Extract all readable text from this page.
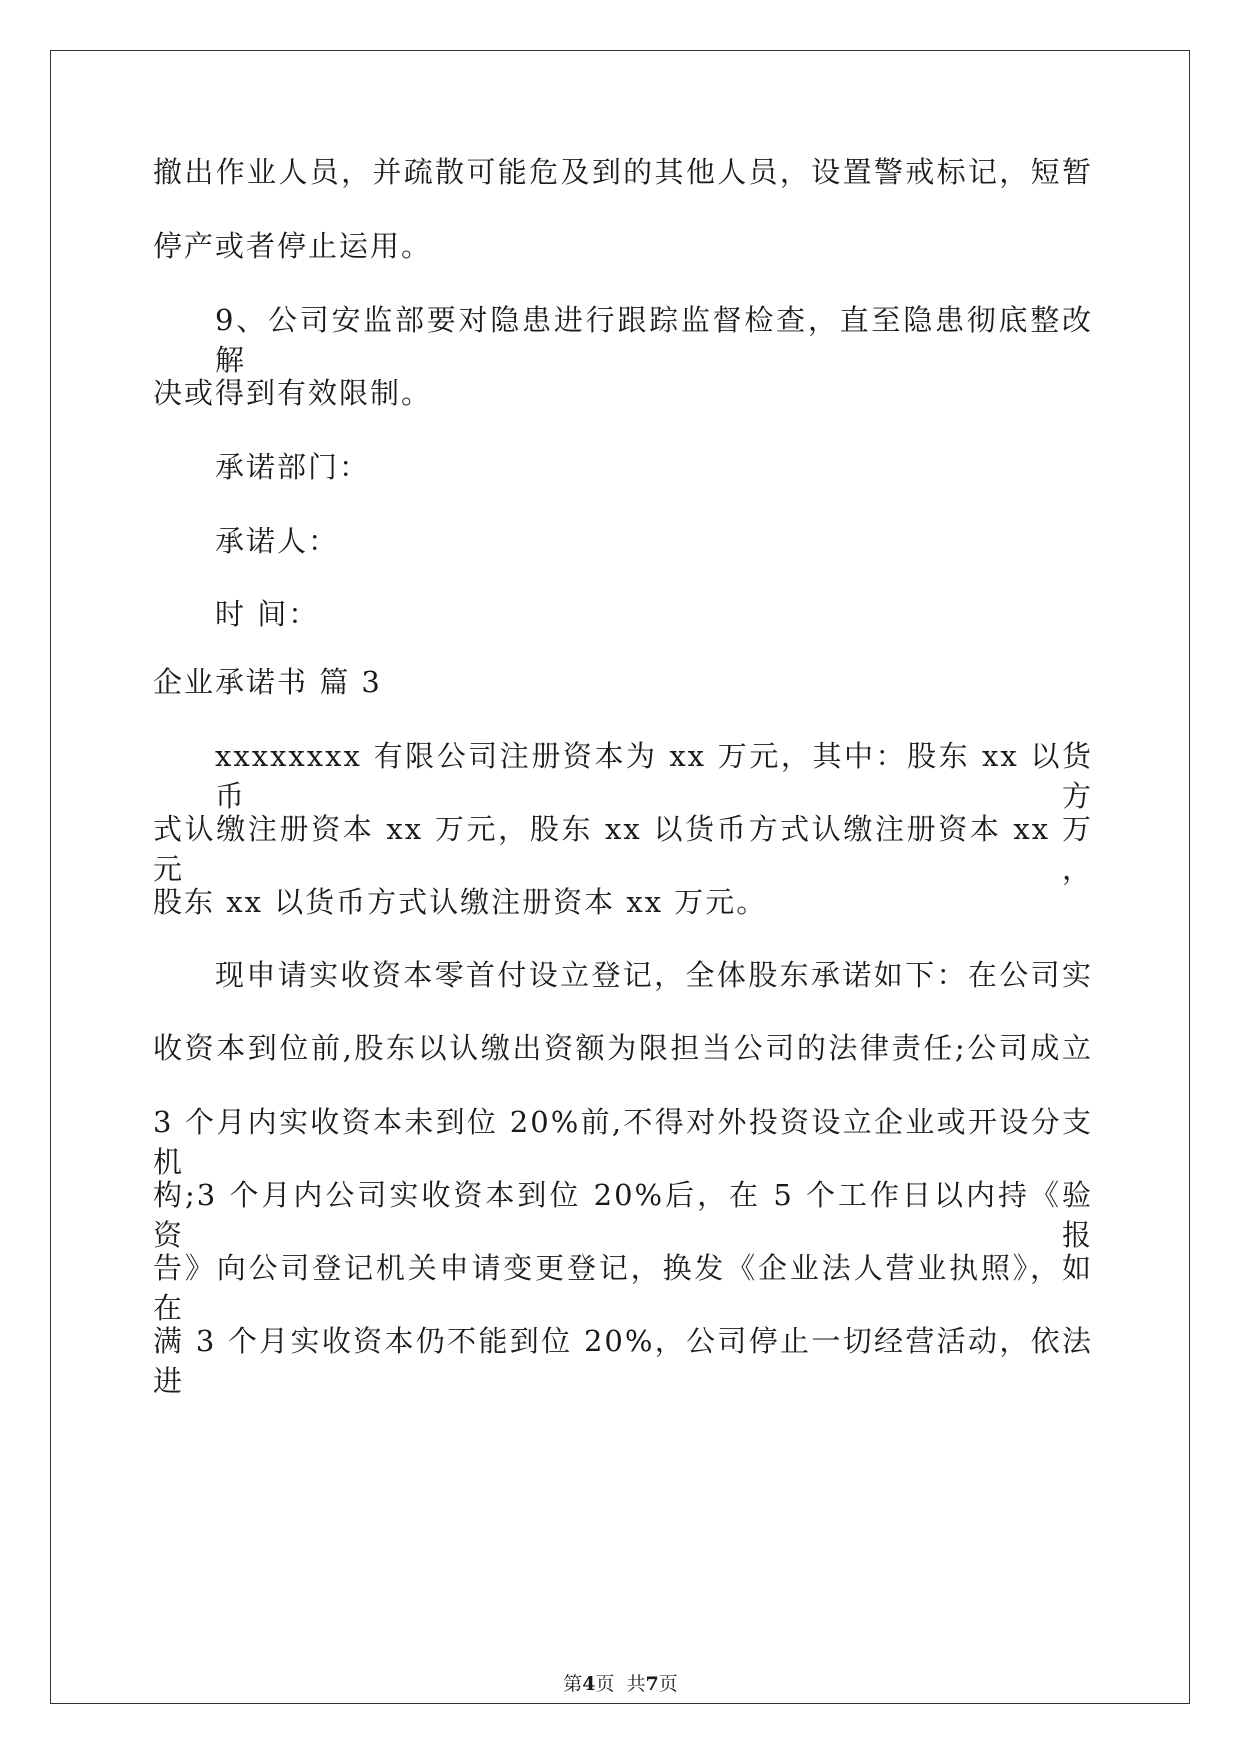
撤出作业人员，并疏散可能危及到的其他人员，设置警戒标记，短暂
停产或者停止运用。
9、公司安监部要对隐患进行跟踪监督检查，直至隐患彻底整改解
决或得到有效限制。
承诺部门：
承诺人：
时 间：
企业承诺书 篇 3
xxxxxxxx 有限公司注册资本为 xx 万元，其中：股东 xx 以货币方
式认缴注册资本 xx 万元，股东 xx 以货币方式认缴注册资本 xx 万元，
股东 xx 以货币方式认缴注册资本 xx 万元。
现申请实收资本零首付设立登记，全体股东承诺如下：在公司实
收资本到位前,股东以认缴出资额为限担当公司的法律责任;公司成立
3 个月内实收资本未到位 20%前,不得对外投资设立企业或开设分支机
构;3 个月内公司实收资本到位 20%后，在 5 个工作日以内持《验资报
告》向公司登记机关申请变更登记，换发《企业法人营业执照》，如在
满 3 个月实收资本仍不能到位 20%，公司停止一切经营活动，依法进
第4页  共7页
